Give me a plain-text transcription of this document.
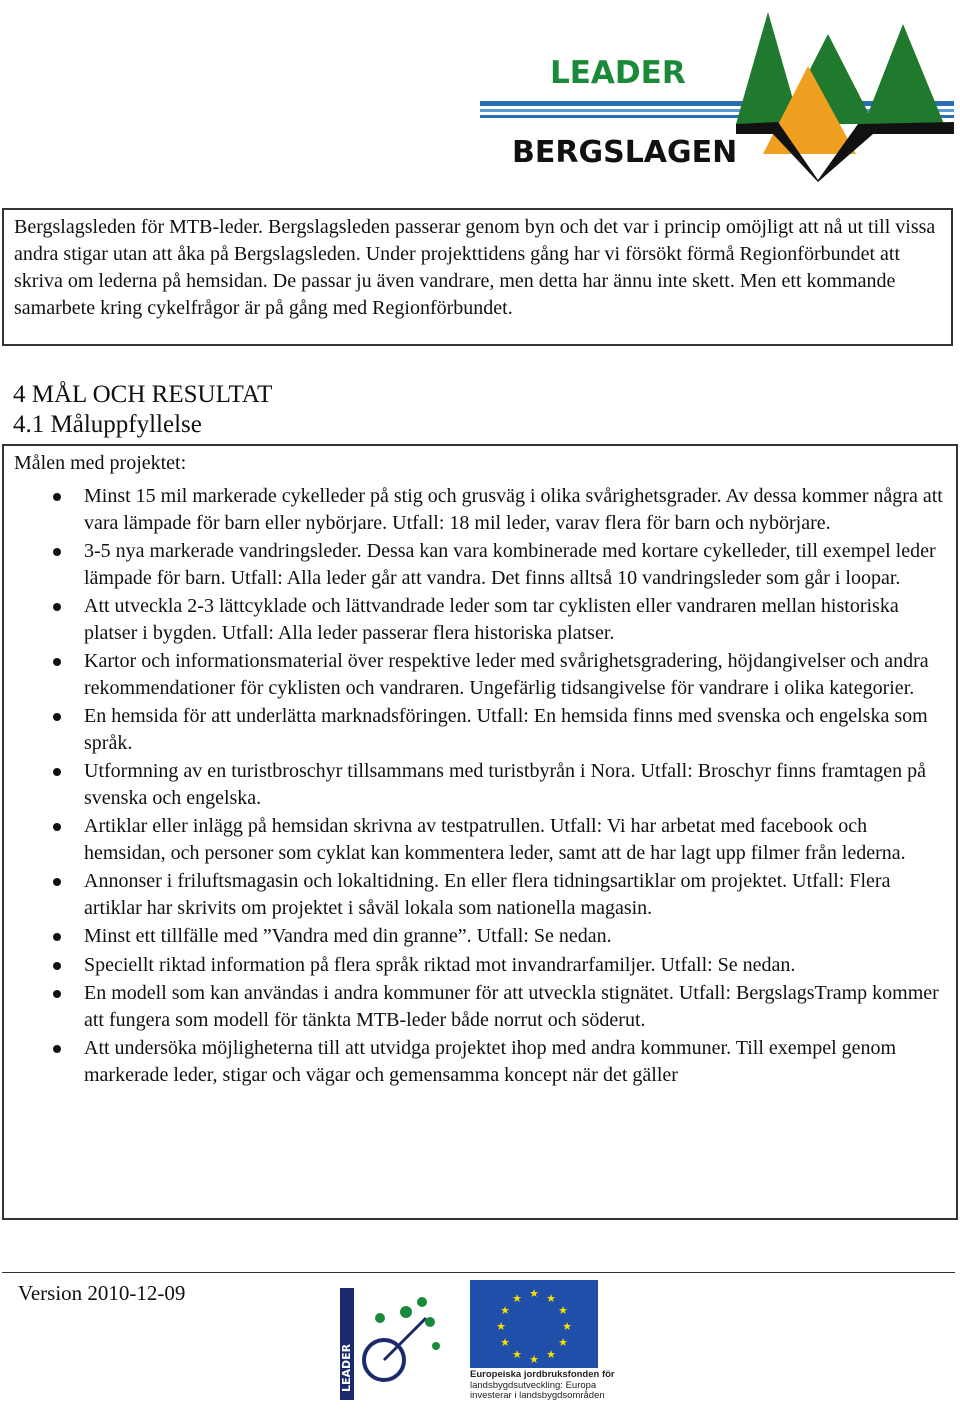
LEADER
BERGSLAGEN

Bergslagsleden för MTB-leder. Bergslagsleden passerar genom byn och det var i princip omöjligt att nå ut till vissa andra stigar utan att åka på Bergslagsleden. Under projekttidens gång har vi försökt förmå Regionförbundet att skriva om lederna på hemsidan. De passar ju även vandrare, men detta har ännu inte skett. Men ett kommande samarbete kring cykelfrågor är på gång med Regionförbundet.

4 MÅL OCH RESULTAT
4.1 Måluppfyllelse
Målen med projektet:
Minst 15 mil markerade cykelleder på stig och grusväg i olika svårighetsgrader. Av dessa kommer några att vara lämpade för barn eller nybörjare. Utfall: 18 mil leder, varav flera för barn och nybörjare.
3-5 nya markerade vandringsleder. Dessa kan vara kombinerade med kortare cykelleder, till exempel leder lämpade för barn. Utfall: Alla leder går att vandra. Det finns alltså 10 vandringsleder som går i loopar.
Att utveckla 2-3 lättcyklade och lättvandrade leder som tar cyklisten eller vandraren mellan historiska platser i bygden. Utfall: Alla leder passerar flera historiska platser.
Kartor och informationsmaterial över respektive leder med svårighetsgradering, höjdangivelser och andra rekommendationer för cyklisten och vandraren. Ungefärlig tidsangivelse för vandrare i olika kategorier.
En hemsida för att underlätta marknadsföringen. Utfall: En hemsida finns med svenska och engelska som språk.
Utformning av en turistbroschyr tillsammans med turistbyrån i Nora. Utfall: Broschyr finns framtagen på svenska och engelska.
Artiklar eller inlägg på hemsidan skrivna av testpatrullen. Utfall: Vi har arbetat med facebook och hemsidan, och personer som cyklat kan kommentera leder, samt att de har lagt upp filmer från lederna.
Annonser i friluftsmagasin och lokaltidning. En eller flera tidningsartiklar om projektet. Utfall: Flera artiklar har skrivits om projektet i såväl lokala som nationella magasin.
Minst ett tillfälle med ”Vandra med din granne”. Utfall: Se nedan.
Speciellt riktad information på flera språk riktad mot invandrarfamiljer. Utfall: Se nedan.
En modell som kan användas i andra kommuner för att utveckla stignätet. Utfall: BergslagsTramp kommer att fungera som modell för tänkta MTB-leder både norrut och söderut.
Att undersöka möjligheterna till att utvidga projektet ihop med andra kommuner. Till exempel genom markerade leder, stigar och vägar och gemensamma koncept när det gäller
Version 2010-12-09
LEADER
★ ★
★
★
★
★
★
★
★
★
★
★
Europeiska jordbruksfonden för
landsbygdsutveckling: Europa
investerar i landsbygdsområden
